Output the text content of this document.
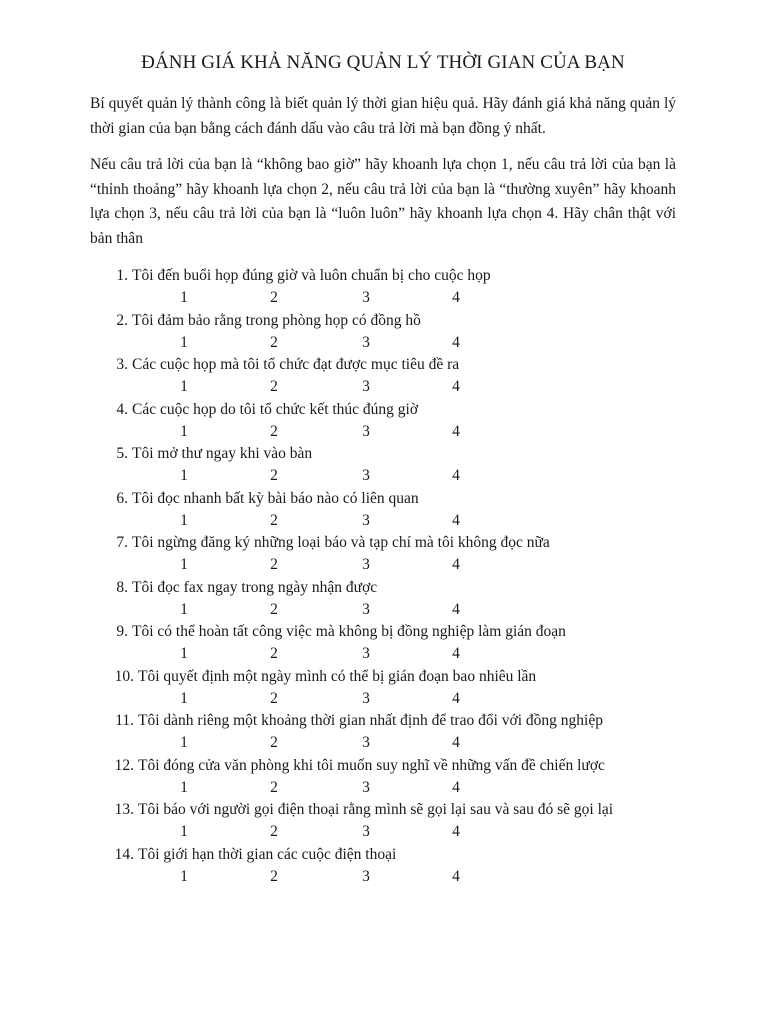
ĐÁNH GIÁ KHẢ NĂNG QUẢN LÝ THỜI GIAN CỦA BẠN

Bí quyết quản lý thành công là biết quản lý thời gian hiệu quả. Hãy đánh giá khả năng quản lý thời gian của bạn bằng cách đánh dấu vào câu trả lời mà bạn đồng ý nhất.

Nếu câu trả lời của bạn là “không bao giờ” hãy khoanh lựa chọn 1, nếu câu trả lời của bạn là “thỉnh thoảng” hãy khoanh lựa chọn 2, nếu câu trả lời của bạn là “thường xuyên” hãy khoanh lựa chọn 3, nếu câu trả lời của bạn là “luôn luôn” hãy khoanh lựa chọn 4. Hãy chân thật với bản thân

1. Tôi đến buổi họp đúng giờ và luôn chuẩn bị cho cuộc họp
1	2	3	4
2. Tôi đảm bảo rằng trong phòng họp có đồng hồ
1	2	3	4
3. Các cuộc họp mà tôi tổ chức đạt được mục tiêu đề ra
1	2	3	4
4. Các cuộc họp do tôi tổ chức kết thúc đúng giờ
1	2	3	4
5. Tôi mở thư ngay khi vào bàn
1	2	3	4
6. Tôi đọc nhanh bất kỳ bài báo nào có liên quan
1	2	3	4
7. Tôi ngừng đăng ký những loại báo và tạp chí mà tôi không đọc nữa
1	2	3	4
8. Tôi đọc fax ngay trong ngày nhận được
1	2	3	4
9. Tôi có thể hoàn tất công việc mà không bị đồng nghiệp làm gián đoạn
1	2	3	4
10. Tôi quyết định một ngày mình có thể bị gián đoạn bao nhiêu lần
1	2	3	4
11. Tôi dành riêng một khoảng thời gian nhất định để trao đổi với đồng nghiệp
1	2	3	4
12. Tôi đóng cửa văn phòng khi tôi muốn suy nghĩ về những vấn đề chiến lược
1	2	3	4
13. Tôi báo với người gọi điện thoại rằng mình sẽ gọi lại sau và sau đó sẽ gọi lại
1	2	3	4
14. Tôi giới hạn thời gian các cuộc điện thoại
1	2	3	4
